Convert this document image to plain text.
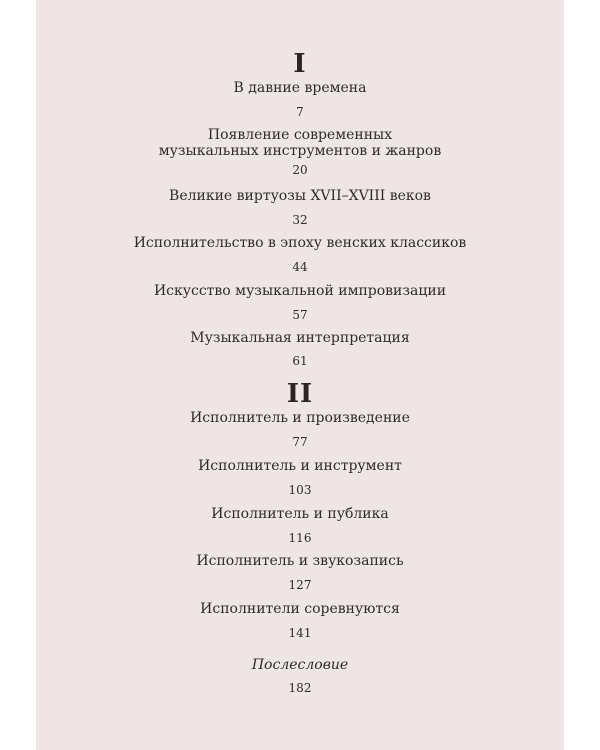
I
В давние времена
7
Появление современных
музыкальных инструментов и жанров
20
Великие виртуозы XVII–XVIII веков
32
Исполнительство в эпоху венских классиков
44
Искусство музыкальной импровизации
57
Музыкальная интерпретация
61
II
Исполнитель и произведение
77
Исполнитель и инструмент
103
Исполнитель и публика
116
Исполнитель и звукозапись
127
Исполнители соревнуются
141
Послесловие
182
